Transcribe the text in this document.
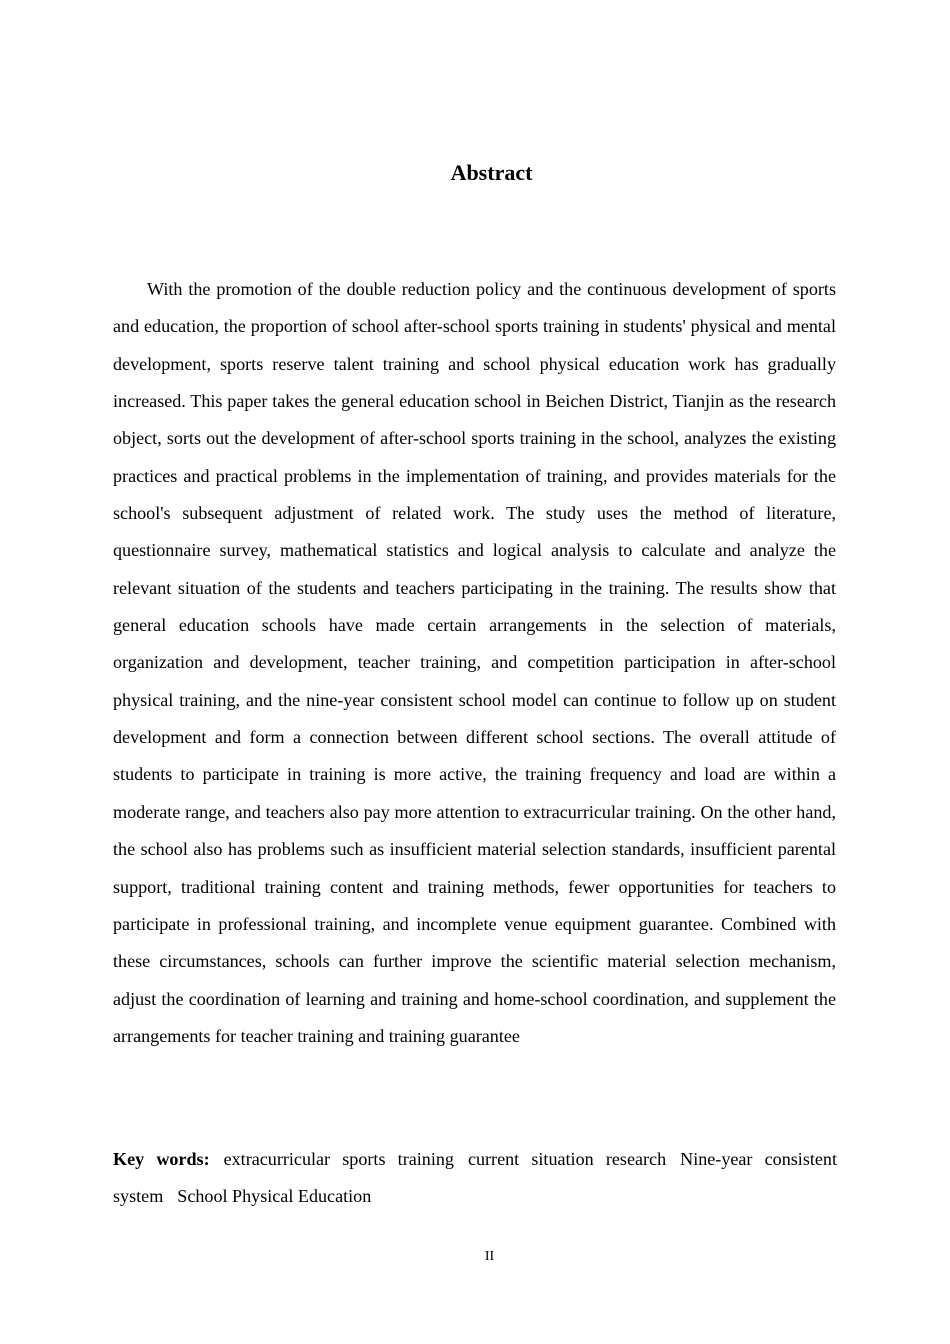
Abstract

With the promotion of the double reduction policy and the continuous development of sports and education, the proportion of school after-school sports training in students' physical and mental development, sports reserve talent training and school physical education work has gradually increased. This paper takes the general education school in Beichen District, Tianjin as the research object, sorts out the development of after-school sports training in the school, analyzes the existing practices and practical problems in the implementation of training, and provides materials for the school's subsequent adjustment of related work. The study uses the method of literature, questionnaire survey, mathematical statistics and logical analysis to calculate and analyze the relevant situation of the students and teachers participating in the training. The results show that general education schools have made certain arrangements in the selection of materials, organization and development, teacher training, and competition participation in after-school physical training, and the nine-year consistent school model can continue to follow up on student development and form a connection between different school sections. The overall attitude of students to participate in training is more active, the training frequency and load are within a moderate range, and teachers also pay more attention to extracurricular training. On the other hand, the school also has problems such as insufficient material selection standards, insufficient parental support, traditional training content and training methods, fewer opportunities for teachers to participate in professional training, and incomplete venue equipment guarantee. Combined with these circumstances, schools can further improve the scientific material selection mechanism, adjust the coordination of learning and training and home-school coordination, and supplement the arrangements for teacher training and training guarantee

Key words: extracurricular sports training current situation research Nine-year consistent system School Physical Education

II
